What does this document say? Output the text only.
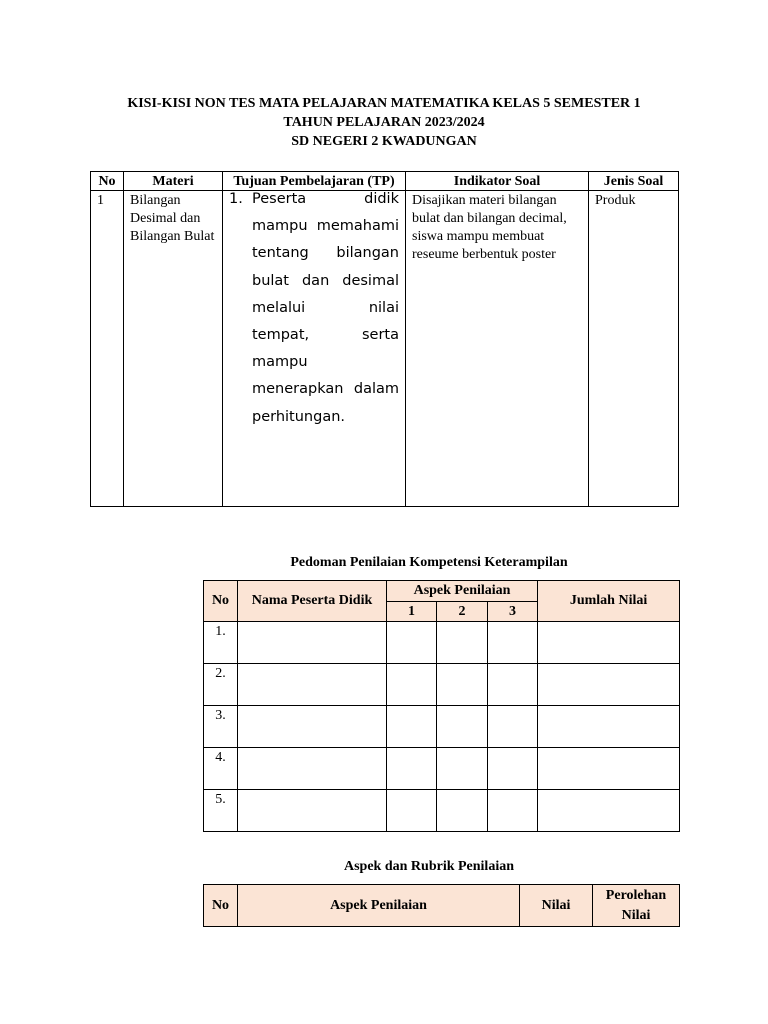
KISI-KISI NON TES MATA PELAJARAN MATEMATIKA KELAS 5 SEMESTER 1
TAHUN PELAJARAN 2023/2024
SD NEGERI 2 KWADUNGAN
No	Materi	Tujuan Pembelajaran (TP)	Indikator Soal	Jenis Soal
1	Bilangan Desimal dan Bilangan Bulat	1. Peserta didik mampu memahami tentang bilangan bulat dan desimal melalui nilai tempat, serta mampu menerapkan dalam perhitungan.	Disajikan materi bilangan bulat dan bilangan decimal, siswa mampu membuat reseume berbentuk poster	Produk
Pedoman Penilaian Kompetensi Keterampilan
No	Nama Peserta Didik	Aspek Penilaian			Jumlah Nilai
		1	2	3	
1.					
2.					
3.					
4.					
5.					
Aspek dan Rubrik Penilaian
No	Aspek Penilaian	Nilai	Perolehan Nilai
